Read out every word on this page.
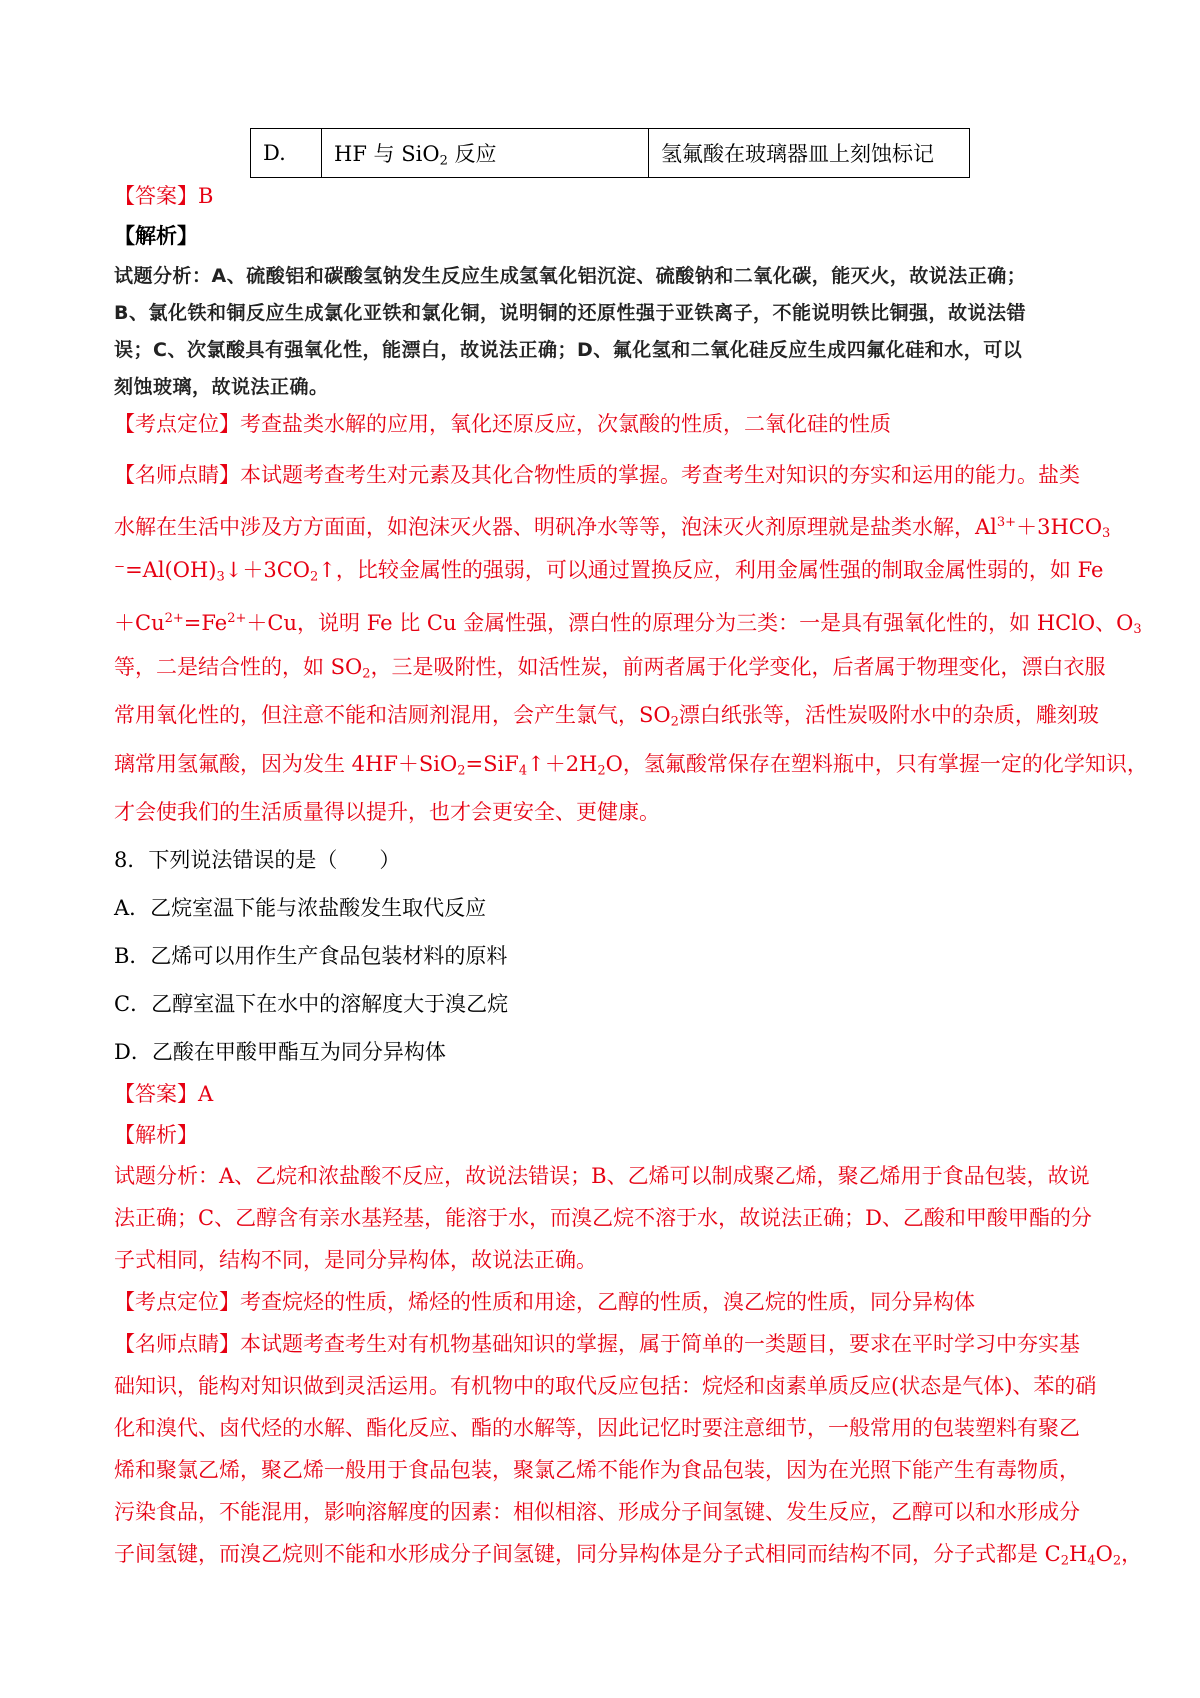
D.	HF 与 SiO$_2$ 反应	氢氟酸在玻璃器皿上刻蚀标记
【答案】B
【解析】
试题分析：A、硫酸铝和碳酸氢钠发生反应生成氢氧化铝沉淀、硫酸钠和二氧化碳，能灭火，故说法正确；
B、氯化铁和铜反应生成氯化亚铁和氯化铜，说明铜的还原性强于亚铁离子，不能说明铁比铜强，故说法错
误；C、次氯酸具有强氧化性，能漂白，故说法正确；D、氟化氢和二氧化硅反应生成四氟化硅和水，可以
刻蚀玻璃，故说法正确。
【考点定位】考查盐类水解的应用，氧化还原反应，次氯酸的性质，二氧化硅的性质
【名师点睛】本试题考查考生对元素及其化合物性质的掌握。考查考生对知识的夯实和运用的能力。盐类
水解在生活中涉及方方面面，如泡沫灭火器、明矾净水等等，泡沫灭火剂原理就是盐类水解，$Al^{3+}+3HCO_3$
$^-=Al(OH)_3↓+3CO_2↑$，比较金属性的强弱，可以通过置换反应，利用金属性强的制取金属性弱的，如 Fe
$+Cu^{2+}=Fe^{2+}+Cu$，说明 Fe 比 Cu 金属性强，漂白性的原理分为三类：一是具有强氧化性的，如 HClO、$O_3$
等，二是结合性的，如 $SO_2$，三是吸附性，如活性炭，前两者属于化学变化，后者属于物理变化，漂白衣服
常用氧化性的，但注意不能和洁厕剂混用，会产生氯气，$SO_2$漂白纸张等，活性炭吸附水中的杂质，雕刻玻
璃常用氢氟酸，因为发生 $4HF+SiO_2=SiF_4↑+2H_2O$，氢氟酸常保存在塑料瓶中，只有掌握一定的化学知识，
才会使我们的生活质量得以提升，也才会更安全、更健康。
8．下列说法错误的是（　　）
A．乙烷室温下能与浓盐酸发生取代反应
B．乙烯可以用作生产食品包装材料的原料
C．乙醇室温下在水中的溶解度大于溴乙烷
D．乙酸在甲酸甲酯互为同分异构体
【答案】A
【解析】
试题分析：A、乙烷和浓盐酸不反应，故说法错误；B、乙烯可以制成聚乙烯，聚乙烯用于食品包装，故说
法正确；C、乙醇含有亲水基羟基，能溶于水，而溴乙烷不溶于水，故说法正确；D、乙酸和甲酸甲酯的分
子式相同，结构不同，是同分异构体，故说法正确。
【考点定位】考查烷烃的性质，烯烃的性质和用途，乙醇的性质，溴乙烷的性质，同分异构体
【名师点睛】本试题考查考生对有机物基础知识的掌握，属于简单的一类题目，要求在平时学习中夯实基
础知识，能构对知识做到灵活运用。有机物中的取代反应包括：烷烃和卤素单质反应(状态是气体)、苯的硝
化和溴代、卤代烃的水解、酯化反应、酯的水解等，因此记忆时要注意细节，一般常用的包装塑料有聚乙
烯和聚氯乙烯，聚乙烯一般用于食品包装，聚氯乙烯不能作为食品包装，因为在光照下能产生有毒物质，
污染食品，不能混用，影响溶解度的因素：相似相溶、形成分子间氢键、发生反应，乙醇可以和水形成分
子间氢键，而溴乙烷则不能和水形成分子间氢键，同分异构体是分子式相同而结构不同，分子式都是 $C_2H_4O_2$，
